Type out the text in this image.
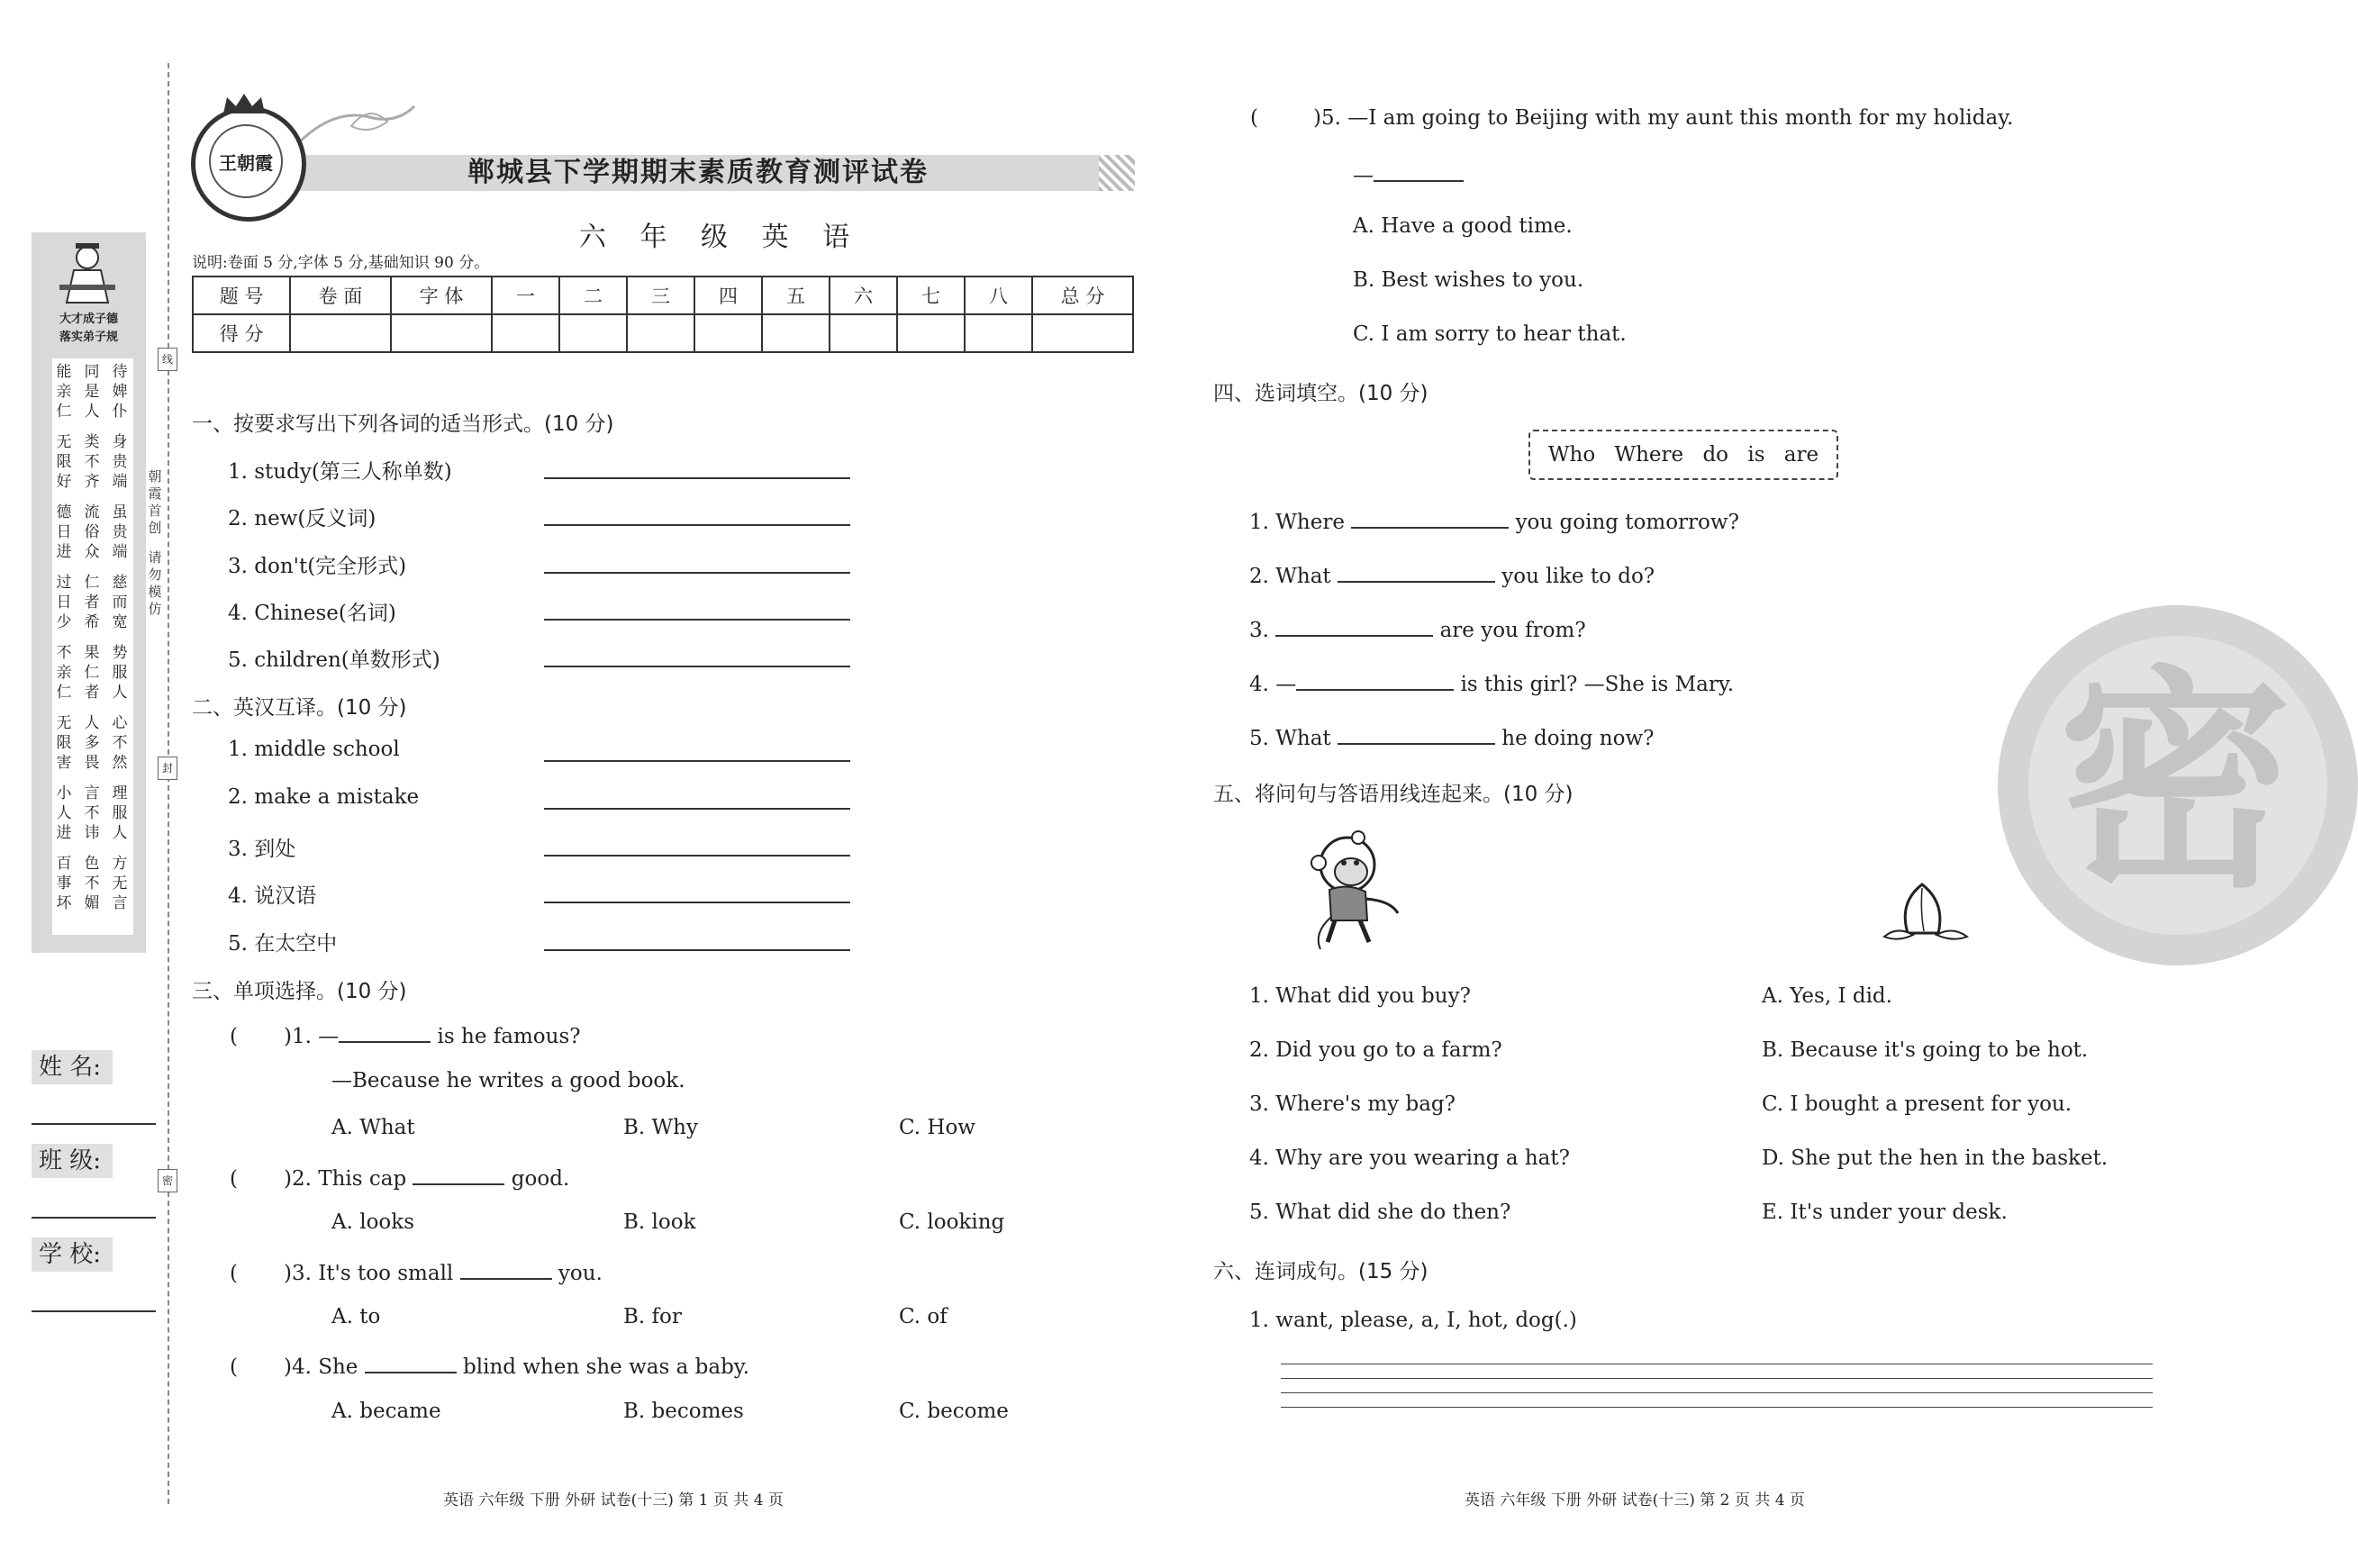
大才成子德
落实弟子规
能
亲
仁
无
限
好
德
日
进
过
日
少
不
亲
仁
无
限
害
小
人
进
百
事
坏
同
是
人
类
不
齐
流
俗
众
仁
者
希
果
仁
者
人
多
畏
言
不
讳
色
不
媚
待
婢
仆
身
贵
端
虽
贵
端
慈
而
宽
势
服
人
心
不
然
理
服
人
方
无
言
姓 名:
班 级:
学 校:
线
封
密
朝
霞
首
创
请
勿
模
仿
郸城县下学期期末素质教育测评试卷
王朝霞
六 年 级 英 语
说明:卷面 5 分,字体 5 分,基础知识 90 分。
题 号	卷 面	字 体	一	二	三	四	五	六	七	八	总 分
得 分											
一、按要求写出下列各词的适当形式。(10 分)
1. study(第三人称单数)
2. new(反义词)
3. don't(完全形式)
4. Chinese(名词)
5. children(单数形式)
二、英汉互译。(10 分)
1. middle school
2. make a mistake
3. 到处
4. 说汉语
5. 在太空中
三、单项选择。(10 分)
( )1. —	is he famous?
—Because he writes a good book.
A. What	B. Why	C. How
( )2. This cap	good.
A. looks	B. look	C. looking
( )3. It's too small	you.
A. to	B. for	C. of
( )4. She	blind when she was a baby.
A. became	B. becomes	C. become
英语 六年级 下册 外研 试卷(十三) 第 1 页 共 4 页
(	)5. —I am going to Beijing with my aunt this month for my holiday.
—
A. Have a good time.
B. Best wishes to you.
C. I am sorry to hear that.
四、选词填空。(10 分)
Who Where do is are
1. Where	you going tomorrow?
2. What	you like to do?
3.	are you from?
4. —	is this girl? —She is Mary.
5. What	he doing now? 密
五、将问句与答语用线连起来。(10 分)
1. What did you buy?
2. Did you go to a farm?
3. Where's my bag?
4. Why are you wearing a hat?
5. What did she do then?
A. Yes, I did.
B. Because it's going to be hot.
C. I bought a present for you.
D. She put the hen in the basket.
E. It's under your desk.
六、连词成句。(15 分)
1. want, please, a, I, hot, dog(.)
英语 六年级 下册 外研 试卷(十三) 第 2 页 共 4 页
